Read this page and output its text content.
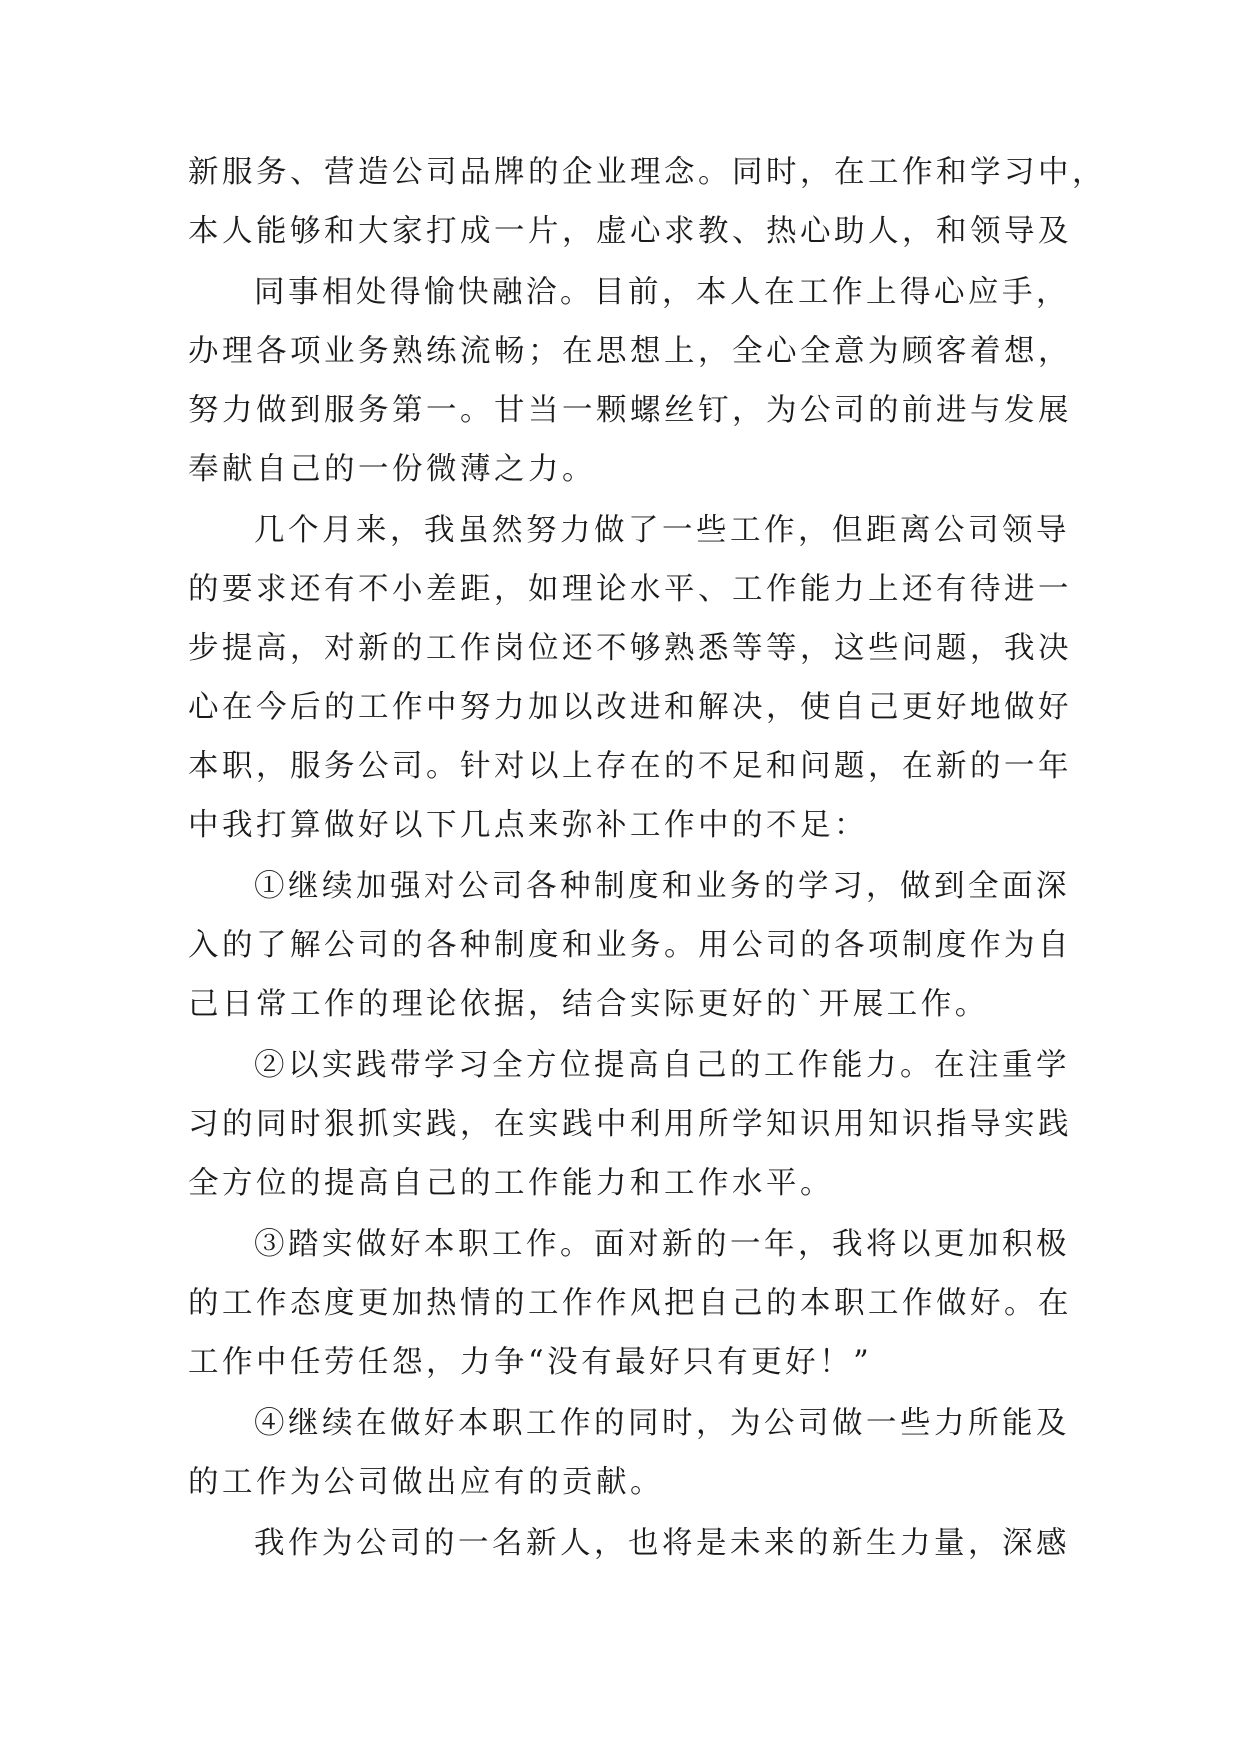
新服务、营造公司品牌的企业理念。同时，在工作和学习中，
本人能够和大家打成一片，虚心求教、热心助人，和领导及
同事相处得愉快融洽。目前，本人在工作上得心应手，
办理各项业务熟练流畅；在思想上，全心全意为顾客着想，
努力做到服务第一。甘当一颗螺丝钉，为公司的前进与发展
奉献自己的一份微薄之力。
几个月来，我虽然努力做了一些工作，但距离公司领导
的要求还有不小差距，如理论水平、工作能力上还有待进一
步提高，对新的工作岗位还不够熟悉等等，这些问题，我决
心在今后的工作中努力加以改进和解决，使自己更好地做好
本职，服务公司。针对以上存在的不足和问题，在新的一年
中我打算做好以下几点来弥补工作中的不足：
①继续加强对公司各种制度和业务的学习，做到全面深
入的了解公司的各种制度和业务。用公司的各项制度作为自
己日常工作的理论依据，结合实际更好的`开展工作。
②以实践带学习全方位提高自己的工作能力。在注重学
习的同时狠抓实践，在实践中利用所学知识用知识指导实践
全方位的提高自己的工作能力和工作水平。
③踏实做好本职工作。面对新的一年，我将以更加积极
的工作态度更加热情的工作作风把自己的本职工作做好。在
工作中任劳任怨，力争“没有最好只有更好！”
④继续在做好本职工作的同时，为公司做一些力所能及
的工作为公司做出应有的贡献。
我作为公司的一名新人，也将是未来的新生力量，深感
